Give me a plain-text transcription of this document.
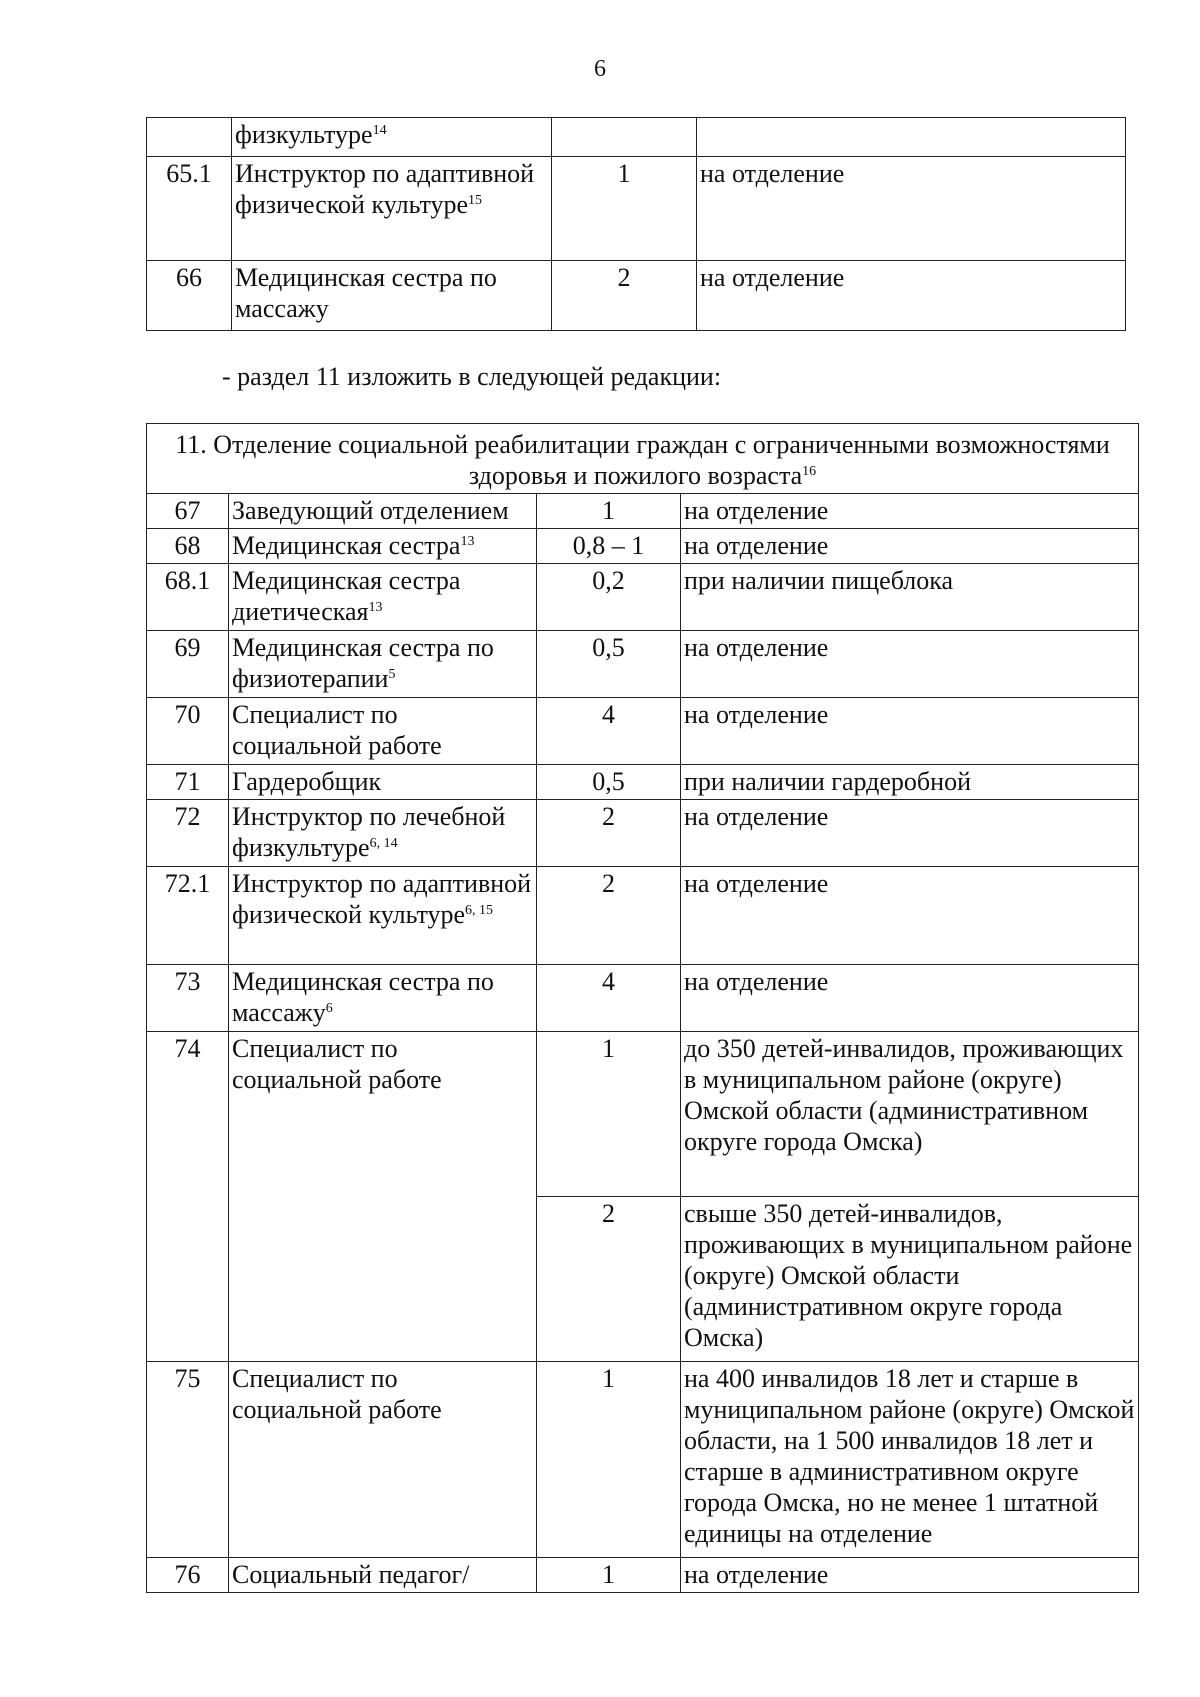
6
	физкультуре$^{14}$		
65.1	Инструктор по адаптивной физической культуре$^{15}$	1	на отделение
66	Медицинская сестра по массажу	2	на отделение
- раздел 11 изложить в следующей редакции:
11. Отделение социальной реабилитации граждан с ограниченными возможностями здоровья и пожилого возраста$^{16}$
67	Заведующий отделением	1	на отделение
68	Медицинская сестра$^{13}$	0,8 – 1	на отделение
68.1	Медицинская сестра диетическая$^{13}$	0,2	при наличии пищеблока
69	Медицинская сестра по физиотерапии$^5$	0,5	на отделение
70	Специалист по социальной работе	4	на отделение
71	Гардеробщик	0,5	при наличии гардеробной
72	Инструктор по лечебной физкультуре$^{6, 14}$	2	на отделение
72.1	Инструктор по адаптивной физической культуре$^{6, 15}$	2	на отделение
73	Медицинская сестра по массажу$^6$	4	на отделение
74	Специалист по социальной работе	1	до 350 детей-инвалидов, проживающих в муниципальном районе (округе) Омской области (административном округе города Омска)
		2	свыше 350 детей-инвалидов, проживающих в муниципальном районе (округе) Омской области (административном округе города Омска)
75	Специалист по социальной работе	1	на 400 инвалидов 18 лет и старше в муниципальном районе (округе) Омской области, на 1 500 инвалидов 18 лет и старше в административном округе города Омска, но не менее 1 штатной единицы на отделение
76	Социальный педагог/	1	на отделение
